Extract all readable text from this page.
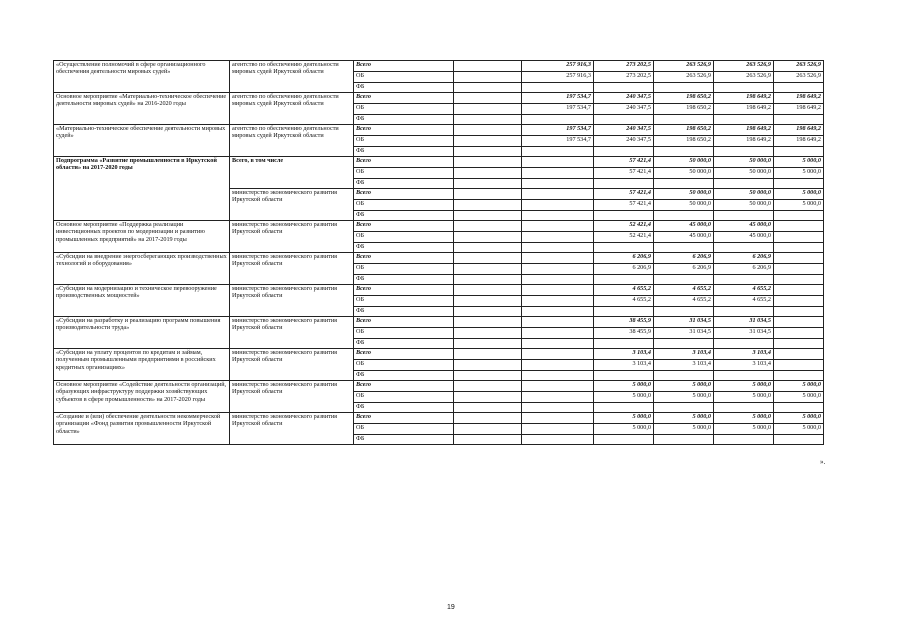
«Осуществление полномочий в сфере организационного обеспечения деятельности мировых судей»	агентство по обеспечению деятельности мировых судей Иркутской области	Всего		257 916,3	273 202,5	263 526,9	263 526,9	263 526,9
		ОБ		257 916,3	273 202,5	263 526,9	263 526,9	263 526,9
		ФБ						
Основное мероприятие «Материально-техническое обеспечение деятельности мировых судей» на 2016-2020 годы	агентство по обеспечению деятельности мировых судей Иркутской области	Всего		197 534,7	240 347,5	198 650,2	198 649,2	198 649,2
		ОБ		197 534,7	240 347,5	198 650,2	198 649,2	198 649,2
		ФБ						
«Материально-техническое обеспечение деятельности мировых судей»	агентство по обеспечению деятельности мировых судей Иркутской области	Всего		197 534,7	240 347,5	198 650,2	198 649,2	198 649,2
		ОБ		197 534,7	240 347,5	198 650,2	198 649,2	198 649,2
		ФБ						
Подпрограмма «Развитие промышленности в Иркутской области» на 2017-2020 годы	Всего, в том числе	Всего			57 421,4	50 000,0	50 000,0	5 000,0
		ОБ			57 421,4	50 000,0	50 000,0	5 000,0
		ФБ						
	министерство экономического развития Иркутской области	Всего			57 421,4	50 000,0	50 000,0	5 000,0
		ОБ			57 421,4	50 000,0	50 000,0	5 000,0
		ФБ						
Основное мероприятие «Поддержка реализации инвестиционных проектов по модернизации и развитию промышленных предприятий» на 2017-2019 годы	министерство экономического развития Иркутской области	Всего			52 421,4	45 000,0	45 000,0	
		ОБ			52 421,4	45 000,0	45 000,0	
		ФБ						
«Субсидии на внедрение энергосберегающих производственных технологий и оборудования»	министерство экономического развития Иркутской области	Всего			6 206,9	6 206,9	6 206,9	
		ОБ			6 206,9	6 206,9	6 206,9	
		ФБ						
«Субсидии на модернизацию и техническое перевооружение производственных мощностей»	министерство экономического развития Иркутской области	Всего			4 655,2	4 655,2	4 655,2	
		ОБ			4 655,2	4 655,2	4 655,2	
		ФБ						
«Субсидии на разработку и реализацию программ повышения производительности труда»	министерство экономического развития Иркутской области	Всего			38 455,9	31 034,5	31 034,5	
		ОБ			38 455,9	31 034,5	31 034,5	
		ФБ						
«Субсидии на уплату процентов по кредитам и займам, полученным промышленными предприятиями в российских кредитных организациях»	министерство экономического развития Иркутской области	Всего			3 103,4	3 103,4	3 103,4	
		ОБ			3 103,4	3 103,4	3 103,4	
		ФБ						
Основное мероприятие «Содействие деятельности организаций, образующих инфраструктуру поддержки хозяйствующих субъектов в сфере промышленности» на 2017-2020 годы	министерство экономического развития Иркутской области	Всего			5 000,0	5 000,0	5 000,0	5 000,0
		ОБ			5 000,0	5 000,0	5 000,0	5 000,0
		ФБ						
«Создание и (или) обеспечение деятельности некоммерческой организации «Фонд развития промышленности Иркутской области»	министерство экономического развития Иркутской области	Всего			5 000,0	5 000,0	5 000,0	5 000,0
		ОБ			5 000,0	5 000,0	5 000,0	5 000,0
		ФБ						
».
19
